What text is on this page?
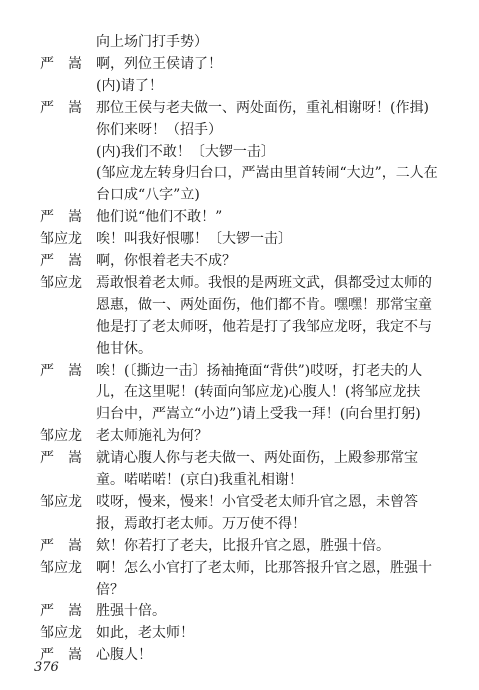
向上场门打手势）
严　嵩	啊，列位王侯请了！
(内)请了！
严　嵩	那位王侯与老夫做一、两处面伤，重礼相谢呀！(作揖)
你们来呀！（招手）
(内)我们不敢！〔大锣一击〕
(邹应龙左转身归台口，严嵩由里首转闹“大边”，二人在
台口成“八字”立)
严　嵩	他们说“他们不敢！”
邹应龙	唉！叫我好恨哪！〔大锣一击〕
严　嵩	啊，你恨着老夫不成？
邹应龙	焉敢恨着老太师。我恨的是两班文武，俱都受过太师的
恩惠，做一、两处面伤，他们都不肯。嘿嘿！那常宝童
他是打了老太师呀，他若是打了我邹应龙呀，我定不与
他甘休。
严　嵩	唉！(〔撕边一击〕扬袖掩面“背供”)哎呀，打老夫的人
儿，在这里呢！(转面向邹应龙)心腹人！(将邹应龙扶
归台中，严嵩立“小边”)请上受我一拜！(向台里打躬)
邹应龙	老太师施礼为何？
严　嵩	就请心腹人你与老夫做一、两处面伤，上殿参那常宝
童。喏喏喏！(京白)我重礼相谢！
邹应龙	哎呀，慢来，慢来！小官受老太师升官之恩，未曾答
报，焉敢打老太师。万万使不得！
严　嵩	欸！你若打了老夫，比报升官之恩，胜强十倍。
邹应龙	啊！怎么小官打了老太师，比那答报升官之恩，胜强十
倍？
严　嵩	胜强十倍。
邹应龙	如此，老太师！
严　嵩	心腹人！
376
